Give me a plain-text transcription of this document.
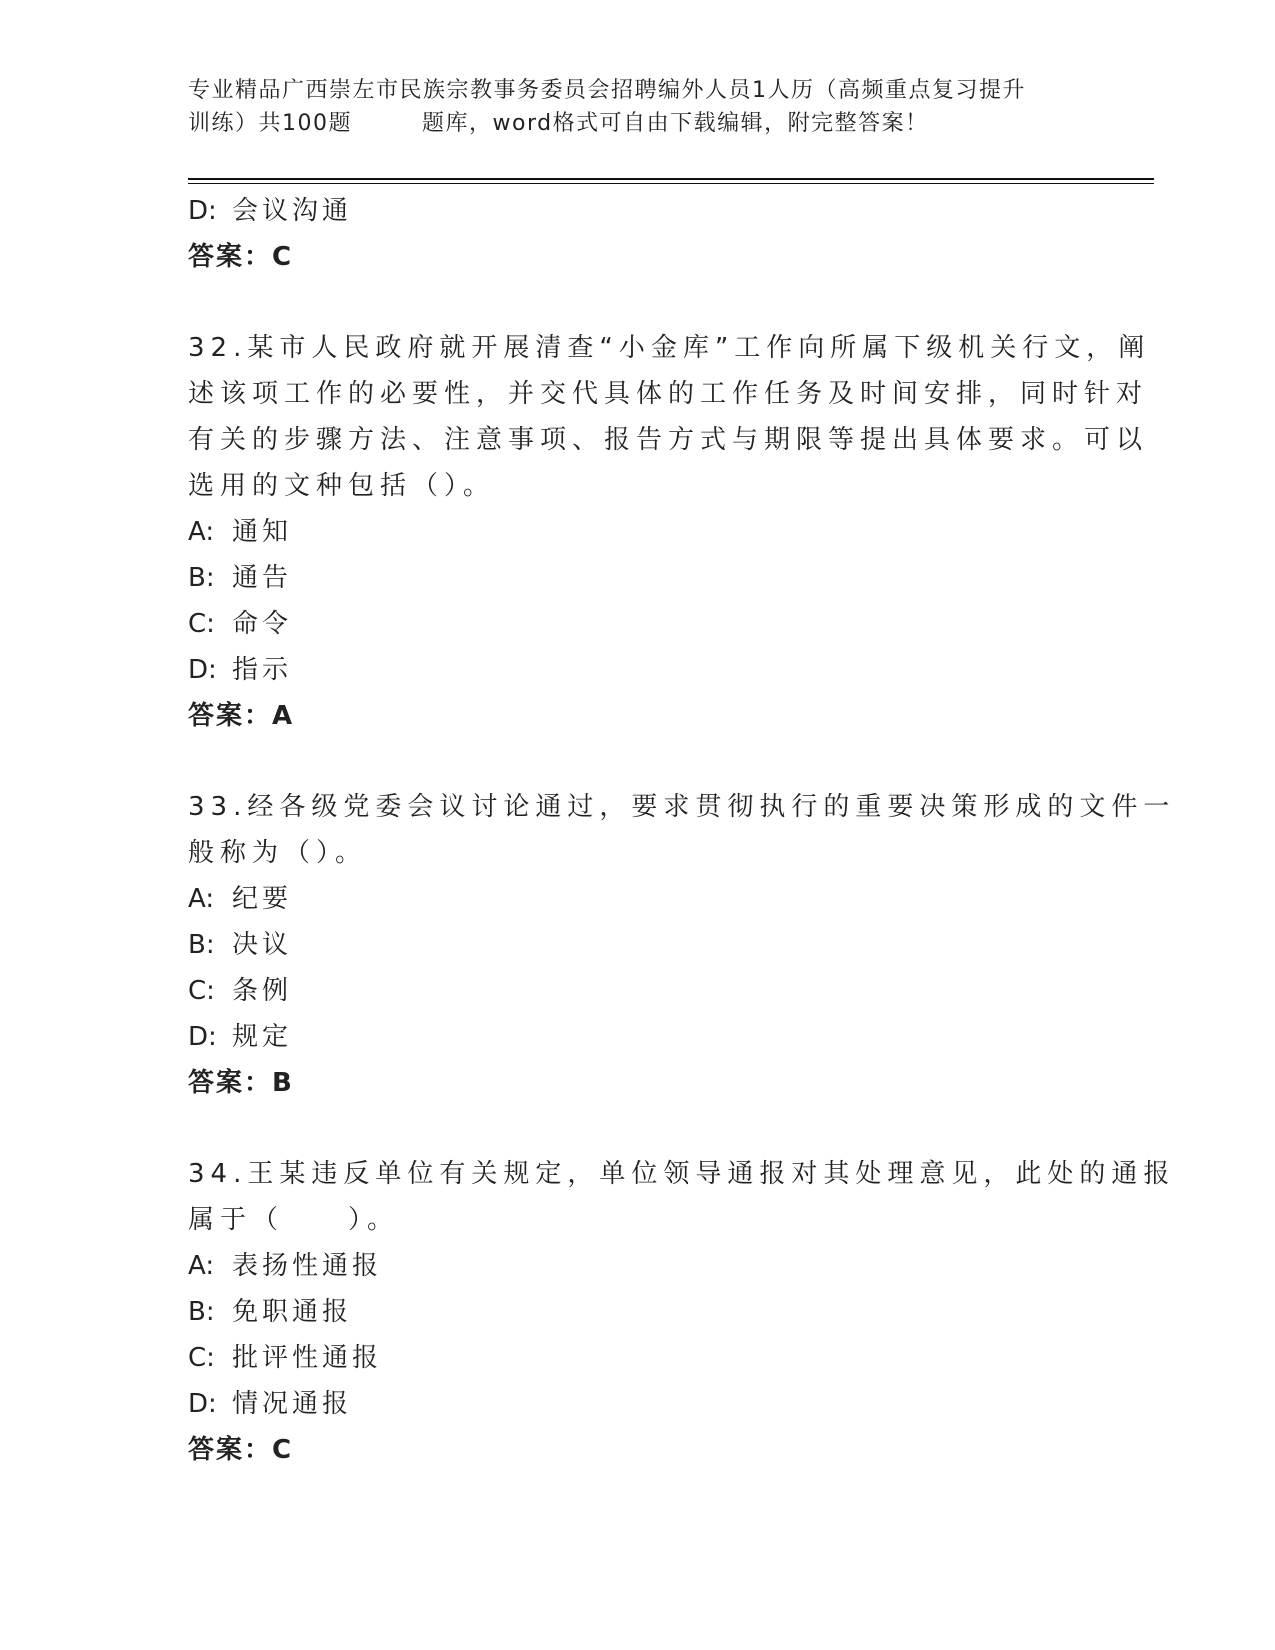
专业精品广西崇左市民族宗教事务委员会招聘编外人员1人历（高频重点复习提升
训练）共100题	题库，word格式可自由下载编辑，附完整答案！
D: 会议沟通
答案：C
32.某市人民政府就开展清查“小金库”工作向所属下级机关行文，阐
述该项工作的必要性，并交代具体的工作任务及时间安排，同时针对
有关的步骤方法、注意事项、报告方式与期限等提出具体要求。可以
选用的文种包括（）。
A: 通知
B: 通告
C: 命令
D: 指示
答案：A
33.经各级党委会议讨论通过，要求贯彻执行的重要决策形成的文件一
般称为（）。
A: 纪要
B: 决议
C: 条例
D: 规定
答案：B
34.王某违反单位有关规定，单位领导通报对其处理意见，此处的通报
属于（　　）。
A: 表扬性通报
B: 免职通报
C: 批评性通报
D: 情况通报
答案：C
